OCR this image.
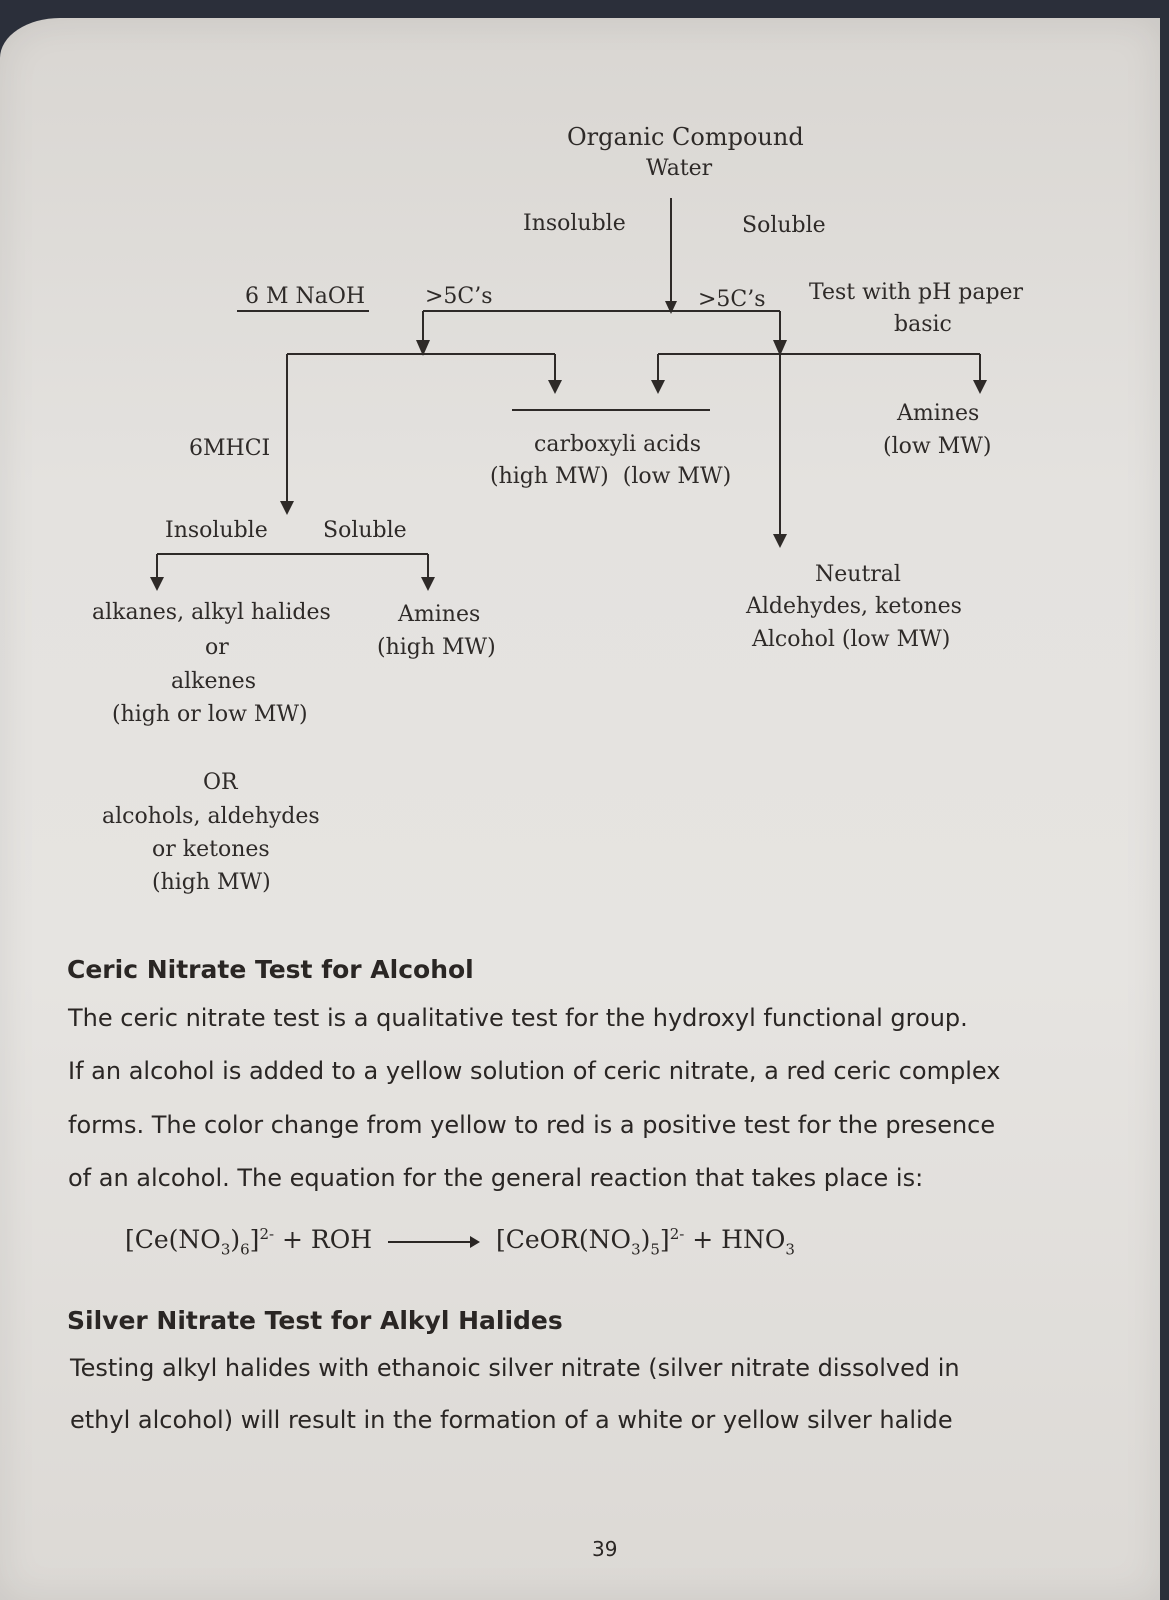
Organic Compound
Water
Insoluble	Soluble
6 M NaOH	>5C’s	>5C’s Test with pH paper
basic
6MHCI	carboxyli acids
(high MW)  (low MW)
Amines
(low MW)
Insoluble	Soluble
Neutral
Aldehydes, ketones
Alcohol (low MW)
alkanes, alkyl halides
or
alkenes
(high or low MW)
OR
alcohols, aldehydes
or ketones
(high MW)
Amines
(high MW)
Ceric Nitrate Test for Alcohol

The ceric nitrate test is a qualitative test for the hydroxyl functional group.

If an alcohol is added to a yellow solution of ceric nitrate, a red ceric complex

forms. The color change from yellow to red is a positive test for the presence

of an alcohol. The equation for the general reaction that takes place is:

$[Ce(NO_3)_6]^{2-}$ + ROH	$[CeOR(NO_3)_5]^{2-} + HNO_3$
Silver Nitrate Test for Alkyl Halides

Testing alkyl halides with ethanoic silver nitrate (silver nitrate dissolved in

ethyl alcohol) will result in the formation of a white or yellow silver halide

39
